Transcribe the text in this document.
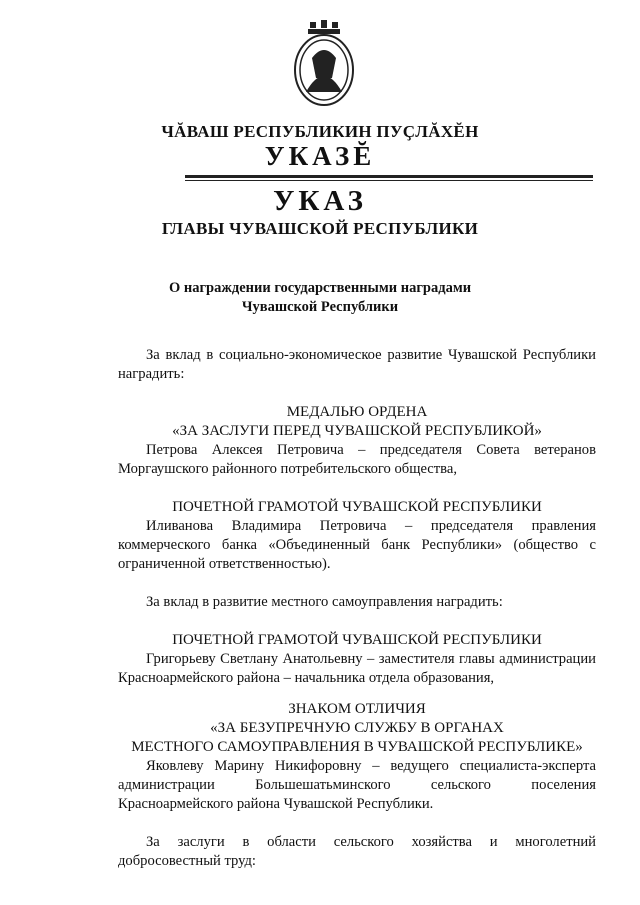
ЧĂВАШ РЕСПУБЛИКИН ПУҪЛĂХĔН
УКАЗĔ
УКАЗ
ГЛАВЫ ЧУВАШСКОЙ РЕСПУБЛИКИ
О награждении государственными наградами
Чувашской Республики

За вклад в социально-экономическое развитие Чувашской Республики наградить:

МЕДАЛЬЮ ОРДЕНА

«ЗА ЗАСЛУГИ ПЕРЕД ЧУВАШСКОЙ РЕСПУБЛИКОЙ»

Петрова Алексея Петровича – председателя Совета ветеранов Моргаушского районного потребительского общества,

ПОЧЕТНОЙ ГРАМОТОЙ ЧУВАШСКОЙ РЕСПУБЛИКИ

Иливанова Владимира Петровича – председателя правления коммерческого банка «Объединенный банк Республики» (общество с ограниченной ответственностью).

За вклад в развитие местного самоуправления наградить:

ПОЧЕТНОЙ ГРАМОТОЙ ЧУВАШСКОЙ РЕСПУБЛИКИ

Григорьеву Светлану Анатольевну – заместителя главы администрации Красноармейского района – начальника отдела образования,

ЗНАКОМ ОТЛИЧИЯ

«ЗА БЕЗУПРЕЧНУЮ СЛУЖБУ В ОРГАНАХ

МЕСТНОГО САМОУПРАВЛЕНИЯ В ЧУВАШСКОЙ РЕСПУБЛИКЕ»

Яковлеву Марину Никифоровну – ведущего специалиста-эксперта администрации Большешатьминского сельского поселения Красноармейского района Чувашской Республики.

За заслуги в области сельского хозяйства и многолетний добросовестный труд:
